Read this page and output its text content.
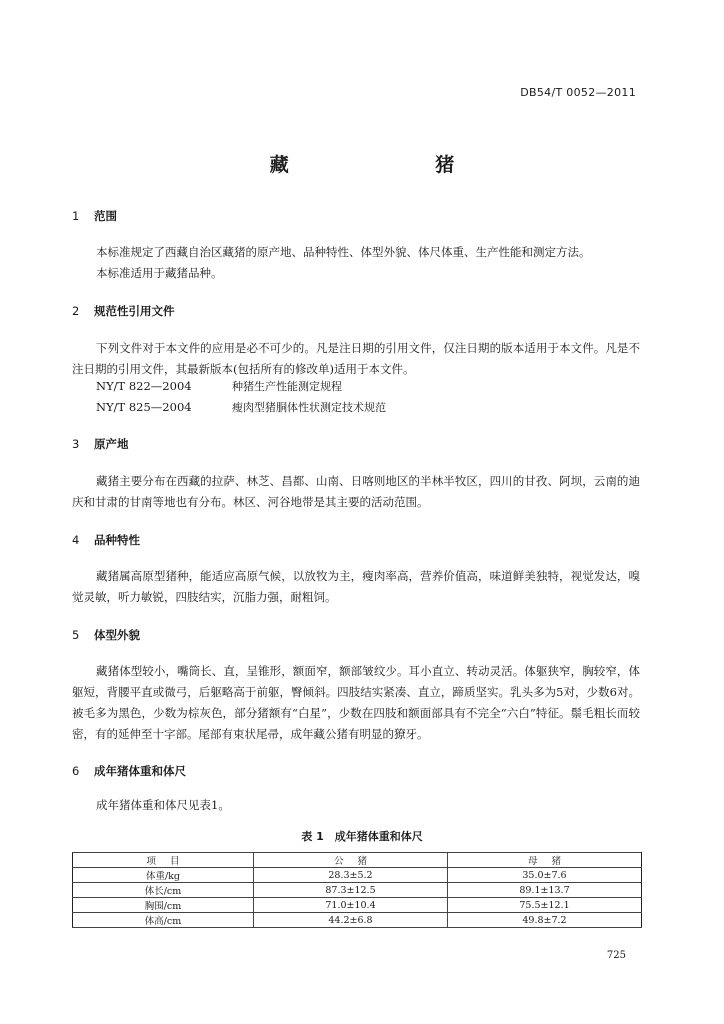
DB54/T 0052—2011
藏 猪
1 范围

本标准规定了西藏自治区藏猪的原产地、品种特性、体型外貌、体尺体重、生产性能和测定方法。

本标准适用于藏猪品种。

2 规范性引用文件

下列文件对于本文件的应用是必不可少的。凡是注日期的引用文件，仅注日期的版本适用于本文件。凡是不注日期的引用文件，其最新版本(包括所有的修改单)适用于本文件。

NY/T 822—2004	种猪生产性能测定规程
NY/T 825—2004	瘦肉型猪胴体性状测定技术规范
3 原产地

藏猪主要分布在西藏的拉萨、林芝、昌都、山南、日喀则地区的半林半牧区，四川的甘孜、阿坝，云南的迪庆和甘肃的甘南等地也有分布。林区、河谷地带是其主要的活动范围。

4 品种特性

藏猪属高原型猪种，能适应高原气候，以放牧为主，瘦肉率高，营养价值高，味道鲜美独特，视觉发达，嗅觉灵敏，听力敏锐，四肢结实，沉脂力强，耐粗饲。

5 体型外貌

藏猪体型较小，嘴筒长、直，呈锥形，额面窄，额部皱纹少。耳小直立、转动灵活。体躯狭窄，胸较窄，体躯短，背腰平直或微弓，后躯略高于前躯，臀倾斜。四肢结实紧凑、直立，蹄质坚实。乳头多为5对，少数6对。被毛多为黑色，少数为棕灰色，部分猪额有“白星”，少数在四肢和额面部具有不完全“六白”特征。鬃毛粗长而较密，有的延伸至十字部。尾部有束状尾帚，成年藏公猪有明显的獠牙。

6 成年猪体重和体尺

成年猪体重和体尺见表1。

表 1　成年猪体重和体尺
项目	公猪	母猪
体重/kg	28.3±5.2	35.0±7.6
体长/cm	87.3±12.5	89.1±13.7
胸围/cm	71.0±10.4	75.5±12.1
体高/cm	44.2±6.8	49.8±7.2
725
